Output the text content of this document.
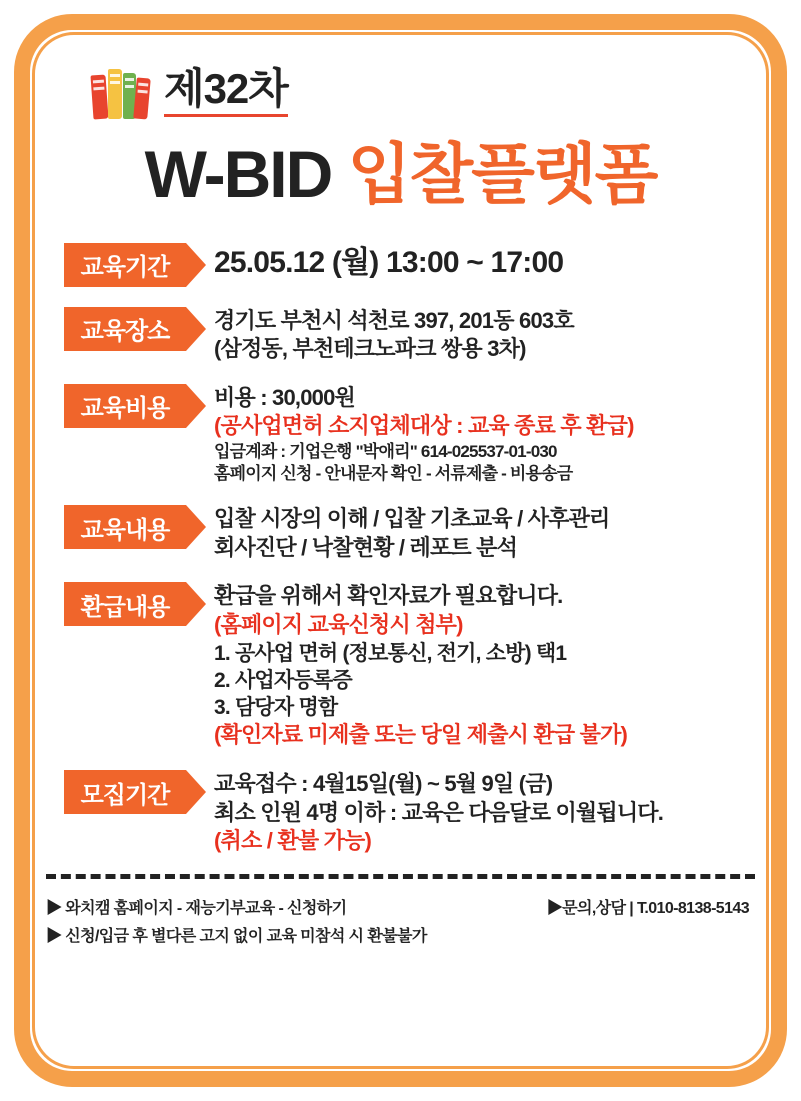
제32차
W-BID 입찰플랫폼
교육기간	25.05.12 (월) 13:00 ~ 17:00
교육장소	경기도 부천시 석천로 397, 201동 603호
(삼정동, 부천테크노파크 쌍용 3차)
교육비용	비용 : 30,000원
(공사업면허 소지업체대상 : 교육 종료 후 환급)
입금계좌 : 기업은행 "박애리" 614-025537-01-030
홈페이지 신청 - 안내문자 확인 - 서류제출 - 비용송금
교육내용	입찰 시장의 이해 / 입찰 기초교육 / 사후관리
회사진단 / 낙찰현황 / 레포트 분석
환급내용	환급을 위해서 확인자료가 필요합니다.
(홈페이지 교육신청시 첨부)
1. 공사업 면허 (정보통신, 전기, 소방) 택1
2. 사업자등록증
3. 담당자 명함
(확인자료 미제출 또는 당일 제출시 환급 불가)
모집기간	교육접수 : 4월15일(월) ~ 5월 9일 (금)
최소 인원 4명 이하 : 교육은 다음달로 이월됩니다.
(취소 / 환불 가능)
▶ 와치캠 홈페이지 - 재능기부교육 - 신청하기
▶ 신청/입금 후 별다른 고지 없이 교육 미참석 시 환불불가
▶문의,상담 | T.010-8138-5143
